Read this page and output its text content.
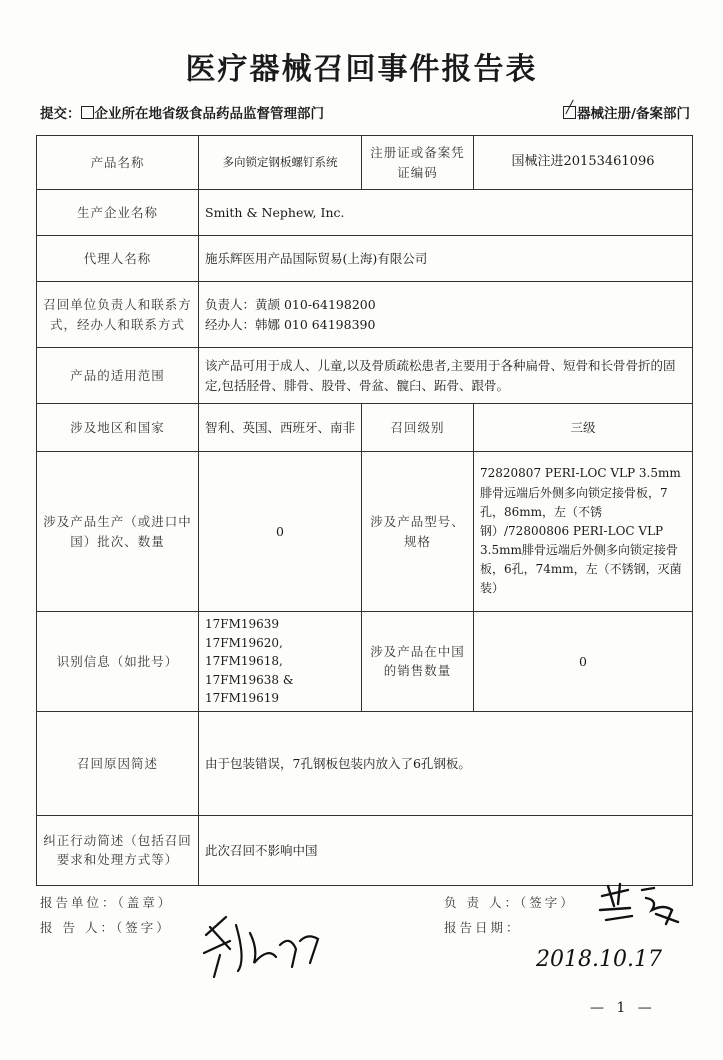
医疗器械召回事件报告表
提交： 企业所在地省级食品药品监督管理部门	器械注册/备案部门
产品名称	多向锁定钢板螺钉系统	注册证或备案凭证编码	国械注进20153461096
生产企业名称	Smith & Nephew, Inc.		
代理人名称	施乐辉医用产品国际贸易(上海)有限公司		
召回单位负责人和联系方式，经办人和联系方式	负责人：黄颉 010-64198200
经办人：韩娜 010 64198390		

产品的适用范围	该产品可用于成人、儿童,以及骨质疏松患者,主要用于各种扁骨、短骨和长骨骨折的固定,包括胫骨、腓骨、股骨、骨盆、髋臼、跖骨、跟骨。		
涉及地区和国家	智利、英国、西班牙、南非	召回级别	三级
涉及产品生产（或进口中国）批次、数量	0	涉及产品型号、规格	72820807 PERI-LOC VLP 3.5mm腓骨远端后外侧多向锁定接骨板，7孔，86mm，左（不锈钢）/72800806 PERI-LOC VLP 3.5mm腓骨远端后外侧多向锁定接骨板，6孔，74mm，左（不锈钢，灭菌装）
识别信息（如批号）	17FM19639 17FM19620, 17FM19618, 17FM19638 & 17FM19619	涉及产品在中国的销售数量	0
召回原因简述	由于包装错误，7孔钢板包装内放入了6孔钢板。		
纠正行动简述（包括召回要求和处理方式等）	此次召回不影响中国		
报告单位：（盖章）
报 告 人：（签字）
负 责 人：（签字）
报告日期：
2018.10.17
— 1 —
